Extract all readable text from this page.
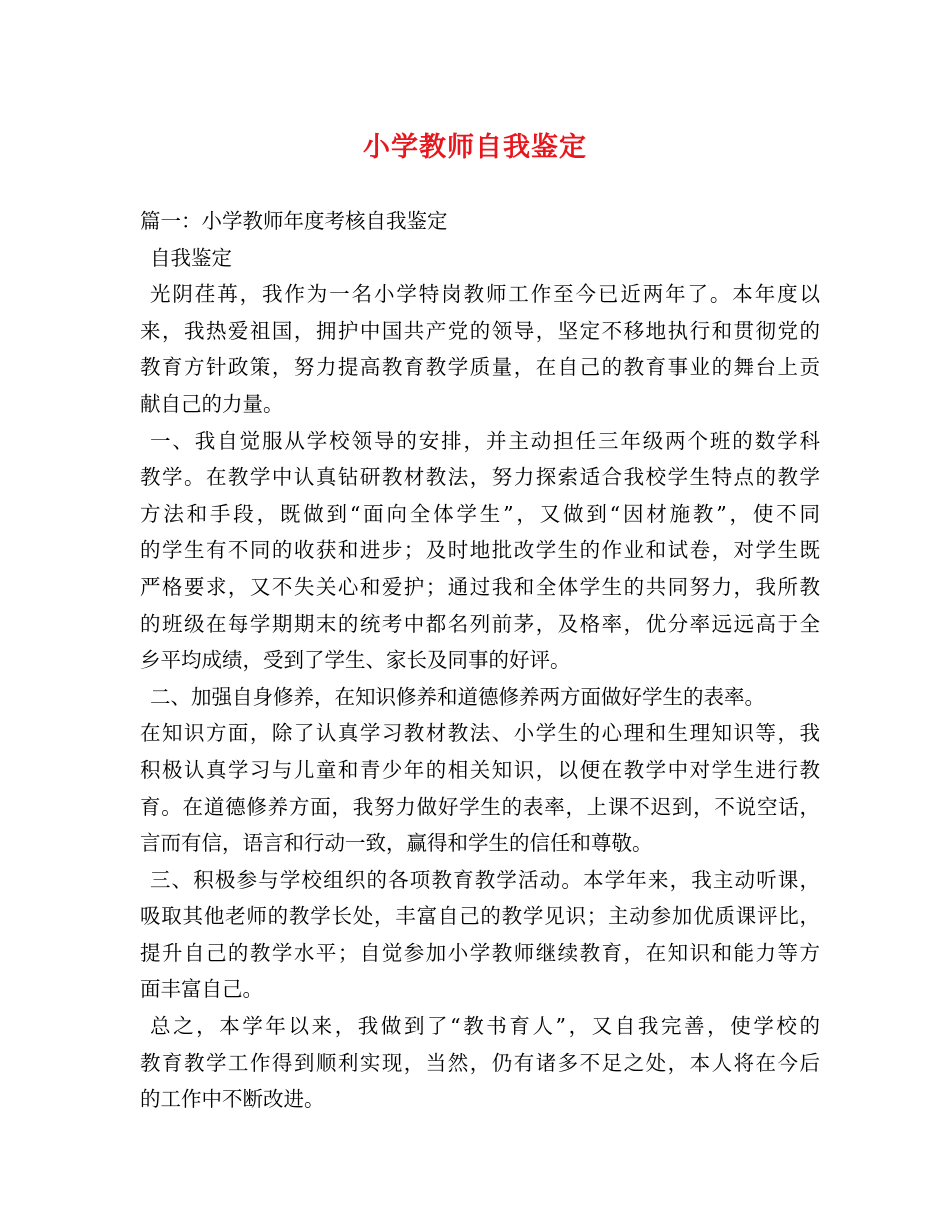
小学教师自我鉴定
篇一：小学教师年度考核自我鉴定
自我鉴定
光阴荏苒，我作为一名小学特岗教师工作至今已近两年了。本年度以
来，我热爱祖国，拥护中国共产党的领导，坚定不移地执行和贯彻党的
教育方针政策，努力提高教育教学质量，在自己的教育事业的舞台上贡
献自己的力量。
一、我自觉服从学校领导的安排，并主动担任三年级两个班的数学科
教学。在教学中认真钻研教材教法，努力探索适合我校学生特点的教学
方法和手段，既做到“面向全体学生”，又做到“因材施教”，使不同
的学生有不同的收获和进步；及时地批改学生的作业和试卷，对学生既
严格要求，又不失关心和爱护；通过我和全体学生的共同努力，我所教
的班级在每学期期末的统考中都名列前茅，及格率，优分率远远高于全
乡平均成绩，受到了学生、家长及同事的好评。
二、加强自身修养，在知识修养和道德修养两方面做好学生的表率。
在知识方面，除了认真学习教材教法、小学生的心理和生理知识等，我
积极认真学习与儿童和青少年的相关知识，以便在教学中对学生进行教
育。在道德修养方面，我努力做好学生的表率，上课不迟到，不说空话，
言而有信，语言和行动一致，赢得和学生的信任和尊敬。
三、积极参与学校组织的各项教育教学活动。本学年来，我主动听课，
吸取其他老师的教学长处，丰富自己的教学见识；主动参加优质课评比，
提升自己的教学水平；自觉参加小学教师继续教育，在知识和能力等方
面丰富自己。
总之，本学年以来，我做到了“教书育人”，又自我完善，使学校的
教育教学工作得到顺利实现，当然，仍有诸多不足之处，本人将在今后
的工作中不断改进。
